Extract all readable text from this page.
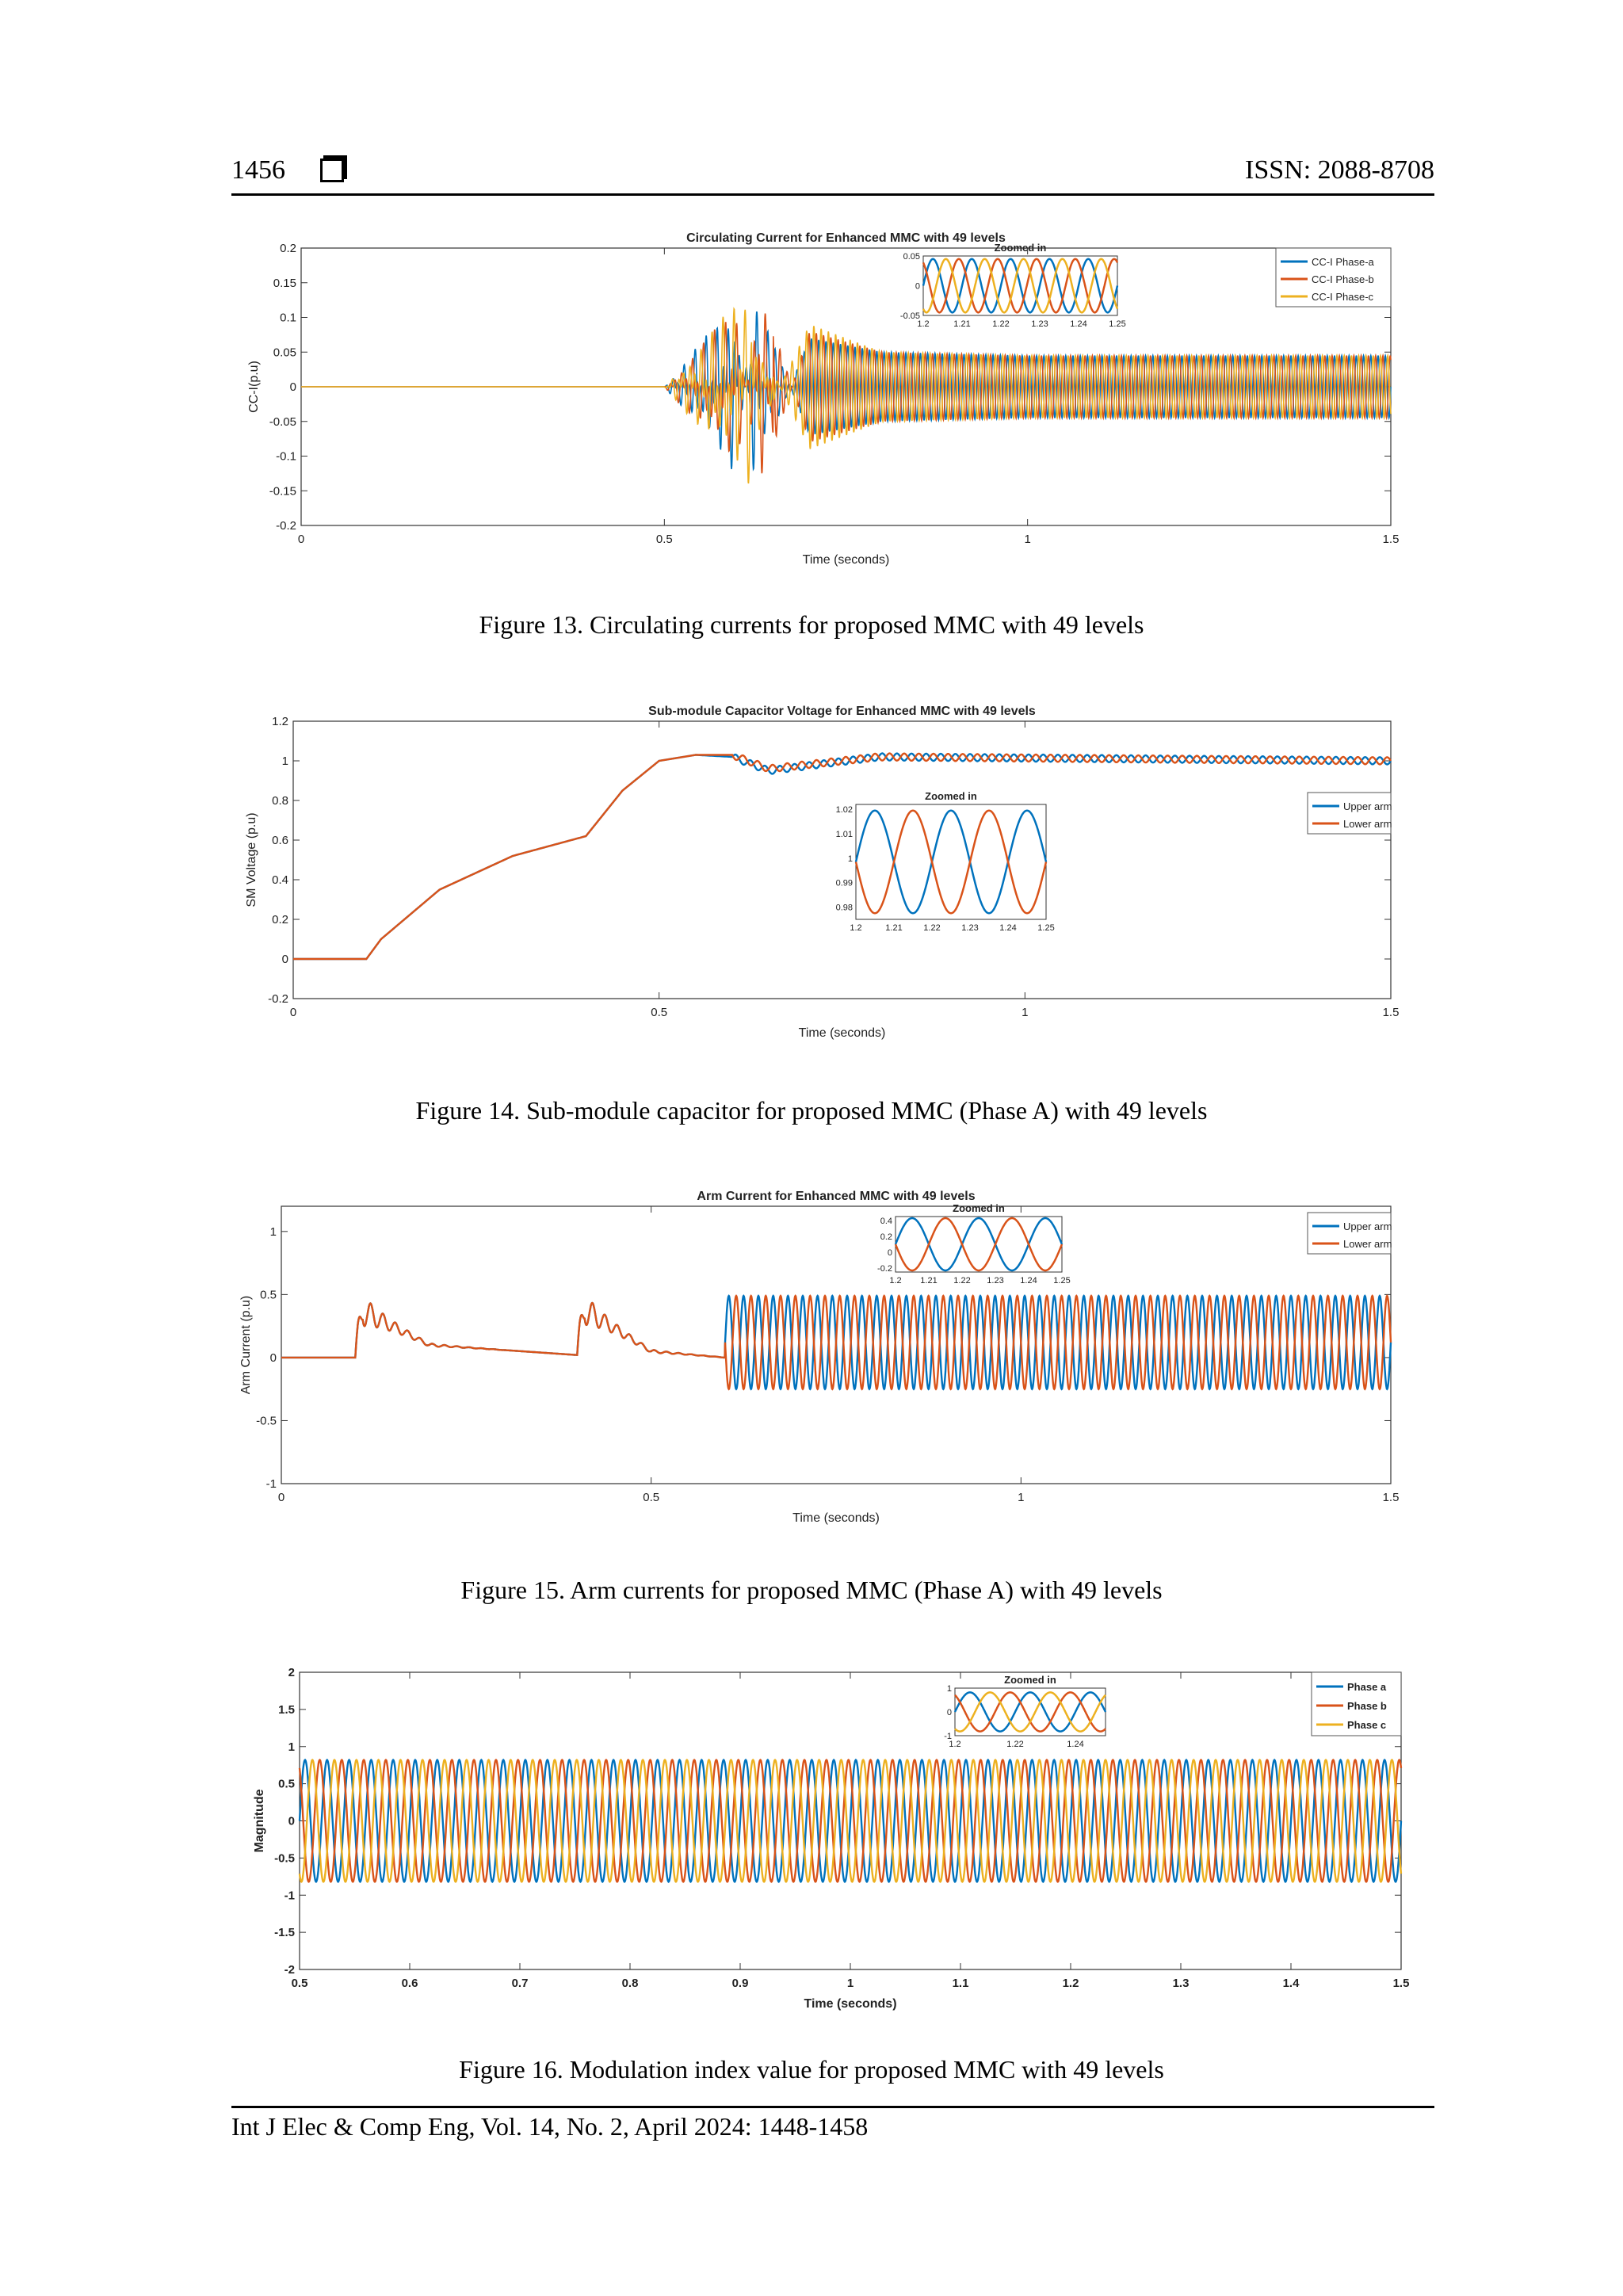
1456	ISSN: 2088-8708
Circulating Current for Enhanced MMC with 49 levels
0	0.5	1	1.5
-0.2
-0.15
-0.1
-0.05
0
0.05
0.1
0.15
0.2
Time (seconds)
CC-I(p.u)
CC-I Phase-a
CC-I Phase-b
CC-I Phase-c
Zoomed in
1.2	1.21	1.22	1.23	1.24	1.25
-0.05
0
0.05
Figure 13. Circulating currents for proposed MMC with 49 levels
Sub-module Capacitor Voltage for Enhanced MMC with 49 levels
0	0.5	1	1.5
-0.2
0
0.2
0.4
0.6
0.8
1
1.2
Time (seconds)
SM Voltage (p.u)
Upper arm
Lower arm
Zoomed in
1.2	1.21 1.22 1.23 1.24 1.25
0.98
0.99
1
1.01
1.02
Figure 14. Sub-module capacitor for proposed MMC (Phase A) with 49 levels
Arm Current for Enhanced MMC with 49 levels
0	0.5	1	1.5
-1
-0.5
0
0.5
1
Time (seconds)
Arm Current (p.u)
Upper arm
Lower arm
Zoomed in
1.2 1.21 1.22 1.23 1.24 1.25
-0.2
0
0.2
0.4
Figure 15. Arm currents for proposed MMC (Phase A) with 49 levels
0.5	0.6	0.7	0.8	0.9	1	1.1	1.2	1.3	1.4	1.5
-2
-1.5
-1
-0.5
0
0.5
1
1.5
2
Time (seconds)
Magnitude
Phase a
Phase b
Phase c
Zoomed in
1.2	1.22	1.24
-1
0
1
Figure 16. Modulation index value for proposed MMC with 49 levels
Int J Elec & Comp Eng, Vol. 14, No. 2, April 2024: 1448-1458
